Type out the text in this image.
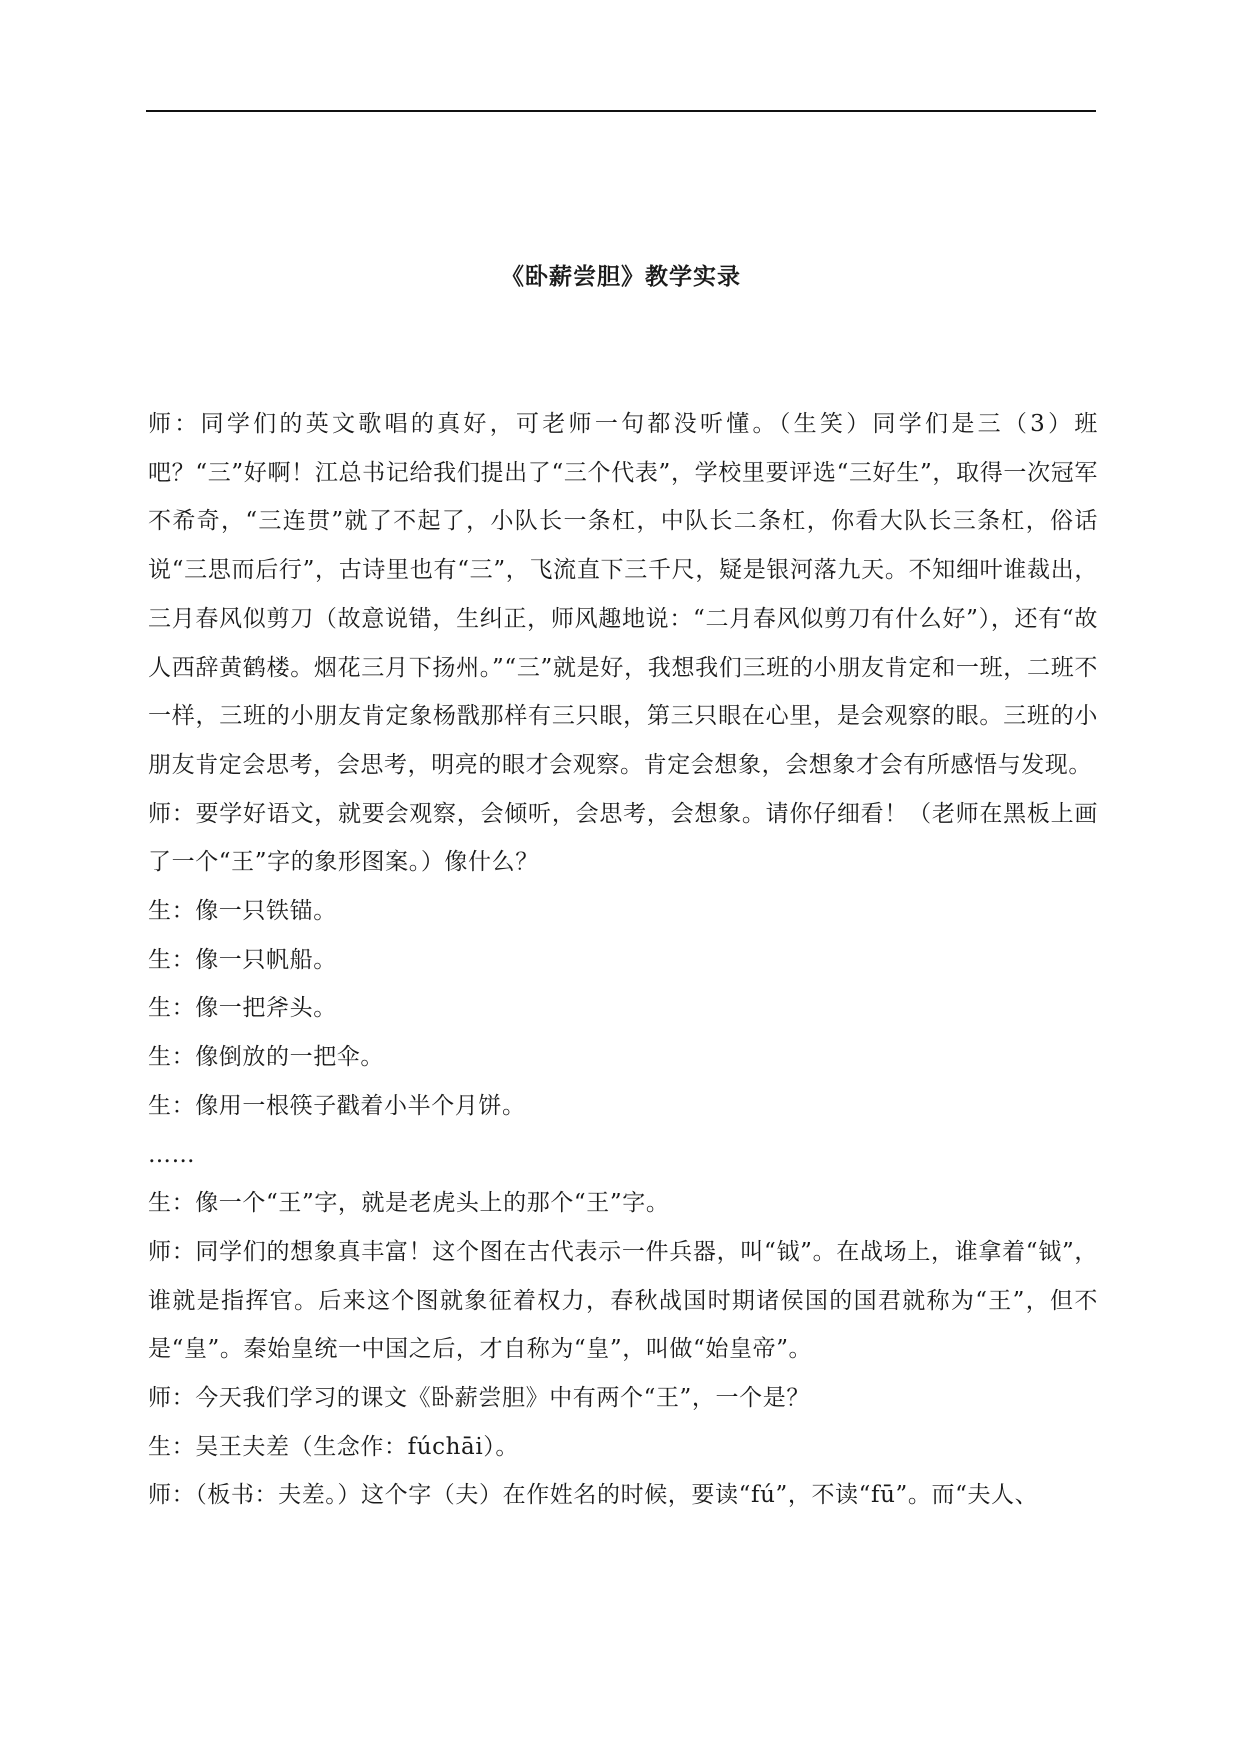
《卧薪尝胆》教学实录

师：同学们的英文歌唱的真好，可老师一句都没听懂。（生笑）同学们是三（3）班吧？“三”好啊！江总书记给我们提出了“三个代表”，学校里要评选“三好生”，取得一次冠军不希奇，“三连贯”就了不起了，小队长一条杠，中队长二条杠，你看大队长三条杠，俗话说“三思而后行”，古诗里也有“三”，飞流直下三千尺，疑是银河落九天。不知细叶谁裁出，三月春风似剪刀（故意说错，生纠正，师风趣地说：“二月春风似剪刀有什么好”），还有“故人西辞黄鹤楼。烟花三月下扬州。”“三”就是好，我想我们三班的小朋友肯定和一班，二班不一样，三班的小朋友肯定象杨戬那样有三只眼，第三只眼在心里，是会观察的眼。三班的小朋友肯定会思考，会思考，明亮的眼才会观察。肯定会想象，会想象才会有所感悟与发现。

师：要学好语文，就要会观察，会倾听，会思考，会想象。请你仔细看！（老师在黑板上画了一个“王”字的象形图案。）像什么？

生：像一只铁锚。

生：像一只帆船。

生：像一把斧头。

生：像倒放的一把伞。

生：像用一根筷子戳着小半个月饼。

……

生：像一个“王”字，就是老虎头上的那个“王”字。

师：同学们的想象真丰富！这个图在古代表示一件兵器，叫“钺”。在战场上，谁拿着“钺”，谁就是指挥官。后来这个图就象征着权力，春秋战国时期诸侯国的国君就称为“王”，但不是“皇”。秦始皇统一中国之后，才自称为“皇”，叫做“始皇帝”。

师：今天我们学习的课文《卧薪尝胆》中有两个“王”，一个是？

生：吴王夫差（生念作：fúchāi）。

师：（板书：夫差。）这个字（夫）在作姓名的时候，要读“fú”，不读“fū”。而“夫人、
